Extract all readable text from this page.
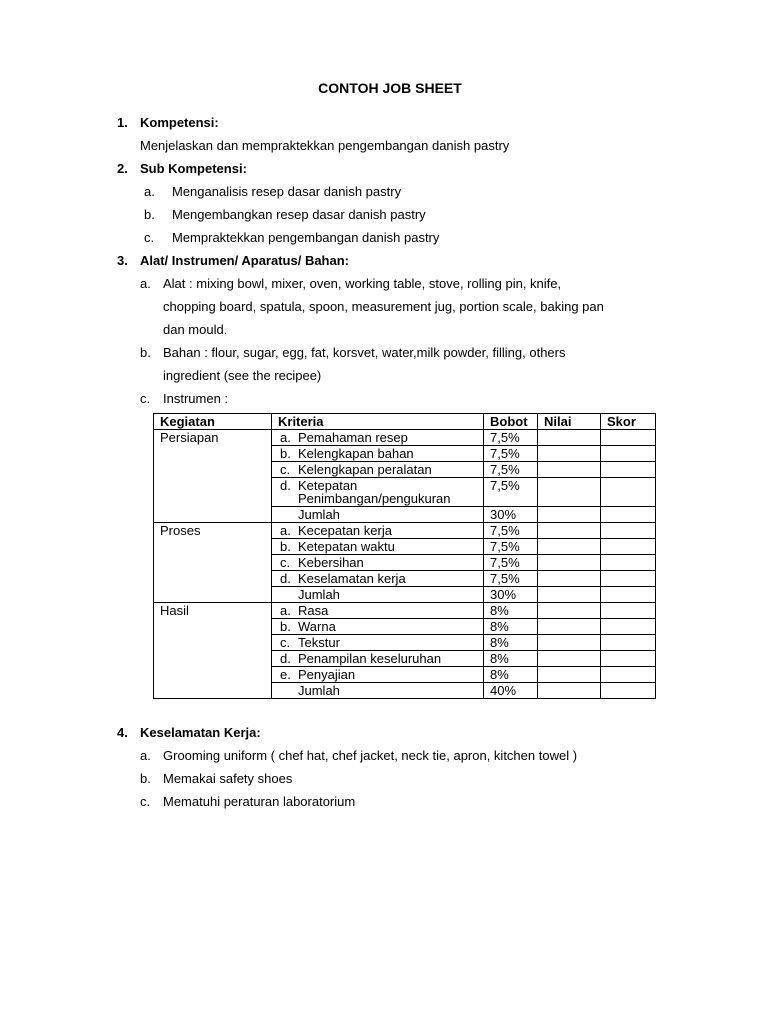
CONTOH JOB SHEET
1. Kompetensi:
Menjelaskan dan mempraktekkan pengembangan danish pastry
2. Sub Kompetensi:
a. Menganalisis resep dasar danish pastry
b. Mengembangkan resep dasar danish pastry
c. Mempraktekkan pengembangan danish pastry
3. Alat/ Instrumen/ Aparatus/ Bahan:
a. Alat : mixing bowl, mixer, oven, working table, stove, rolling pin, knife,
chopping board, spatula, spoon, measurement jug, portion scale, baking pan
dan mould.
b. Bahan : flour, sugar, egg, fat, korsvet, water,milk powder, filling, others
ingredient (see the recipee)
c. Instrumen :
Kegiatan	Kriteria	Bobot	Nilai	Skor
Persiapan	a. Pemahaman resep	7,5%		

	b. Kelengkapan bahan	7,5%		

	c. Kelengkapan peralatan	7,5%		

	d. Ketepatan Penimbangan/pengukuran	7,5%		

	Jumlah	30%		
Proses	a. Kecepatan kerja	7,5%		

	b. Ketepatan waktu	7,5%		

	c. Kebersihan	7,5%		

	d. Keselamatan kerja	7,5%		

	Jumlah	30%		
Hasil	a. Rasa	8%		

	b. Warna	8%		

	c. Tekstur	8%		

	d. Penampilan keseluruhan	8%		

	e. Penyajian	8%		

	Jumlah	40%		
4. Keselamatan Kerja:
a. Grooming uniform ( chef hat, chef jacket, neck tie, apron, kitchen towel )
b. Memakai safety shoes
c. Mematuhi peraturan laboratorium
